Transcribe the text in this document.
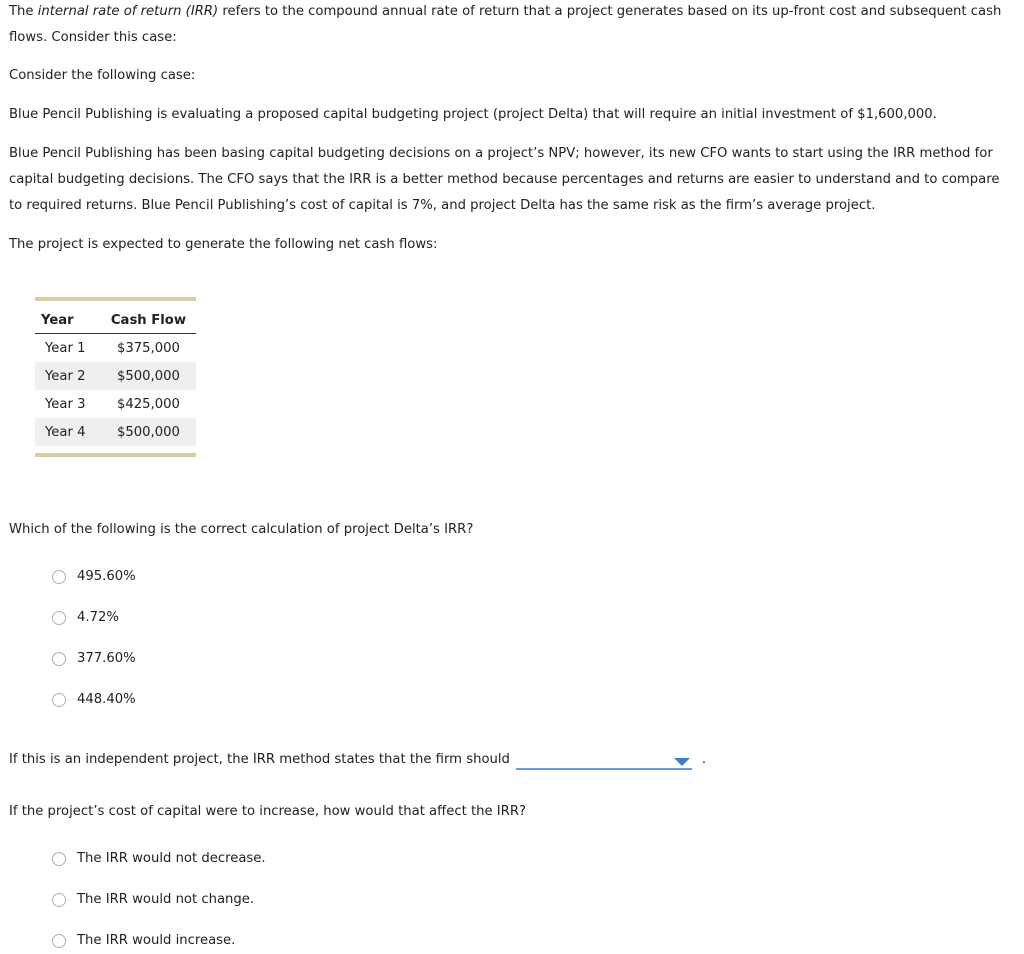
The internal rate of return (IRR) refers to the compound annual rate of return that a project generates based on its up-front cost and subsequent cash flows. Consider this case:

Consider the following case:

Blue Pencil Publishing is evaluating a proposed capital budgeting project (project Delta) that will require an initial investment of $1,600,000.

Blue Pencil Publishing has been basing capital budgeting decisions on a project’s NPV; however, its new CFO wants to start using the IRR method for capital budgeting decisions. The CFO says that the IRR is a better method because percentages and returns are easier to understand and to compare to required returns. Blue Pencil Publishing’s cost of capital is 7%, and project Delta has the same risk as the firm’s average project.

The project is expected to generate the following net cash flows:

Year	Cash Flow
Year 1	$375,000
Year 2	$500,000
Year 3	$425,000
Year 4	$500,000

Which of the following is the correct calculation of project Delta’s IRR?

495.60%
4.72%
377.60%
448.40%
If this is an independent project, the IRR method states that the firm should	.

If the project’s cost of capital were to increase, how would that affect the IRR?

The IRR would not decrease.
The IRR would not change.
The IRR would increase.
